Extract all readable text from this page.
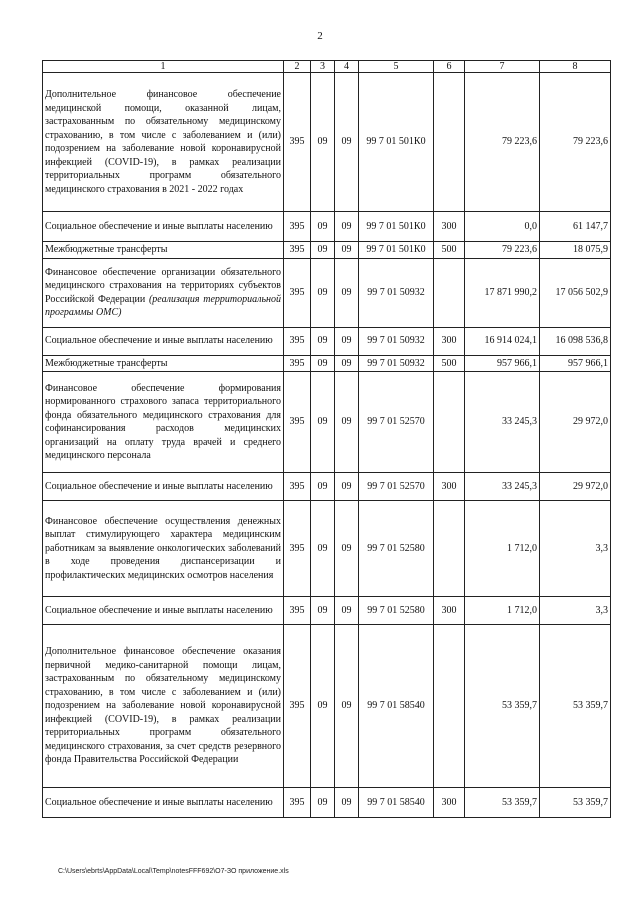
2
1	2	3	4	5	6	7	8
Дополнительное финансовое обеспечение медицинской помощи, оказанной лицам, застрахованным по обязательному медицинскому страхованию, в том числе с заболеванием и (или) подозрением на заболевание новой коронавирусной инфекцией (COVID-19), в рамках реализации территориальных программ обязательного медицинского страхования в 2021 - 2022 годах	395	09	09	99 7 01 501К0		79 223,6	79 223,6
Социальное обеспечение и иные выплаты населению	395	09	09	99 7 01 501К0	300	0,0	61 147,7
Межбюджетные трансферты	395	09	09	99 7 01 501К0	500	79 223,6	18 075,9
Финансовое обеспечение организации обязательного медицинского страхования на территориях субъектов Российской Федерации (реализация территориальной программы ОМС)	395	09	09	99 7 01 50932		17 871 990,2	17 056 502,9
Социальное обеспечение и иные выплаты населению	395	09	09	99 7 01 50932	300	16 914 024,1	16 098 536,8
Межбюджетные трансферты	395	09	09	99 7 01 50932	500	957 966,1	957 966,1
Финансовое обеспечение формирования нормированного страхового запаса территориального фонда обязательного медицинского страхования для софинансирования расходов медицинских организаций на оплату труда врачей и среднего медицинского персонала	395	09	09	99 7 01 52570		33 245,3	29 972,0
Социальное обеспечение и иные выплаты населению	395	09	09	99 7 01 52570	300	33 245,3	29 972,0
Финансовое обеспечение осуществления денежных выплат стимулирующего характера медицинским работникам за выявление онкологических заболеваний в ходе проведения диспансеризации и профилактических медицинских осмотров населения	395	09	09	99 7 01 52580		1 712,0	3,3
Социальное обеспечение и иные выплаты населению	395	09	09	99 7 01 52580	300	1 712,0	3,3
Дополнительное финансовое обеспечение оказания первичной медико-санитарной помощи лицам, застрахованным по обязательному медицинскому страхованию, в том числе с заболеванием и (или) подозрением на заболевание новой коронавирусной инфекцией (COVID-19), в рамках реализации территориальных программ обязательного медицинского страхования, за счет средств резервного фонда Правительства Российской Федерации	395	09	09	99 7 01 58540		53 359,7	53 359,7
Социальное обеспечение и иные выплаты населению	395	09	09	99 7 01 58540	300	53 359,7	53 359,7
C:\Users\ebrts\AppData\Local\Temp\notesFFF692\O7-ЗО приложение.xls
